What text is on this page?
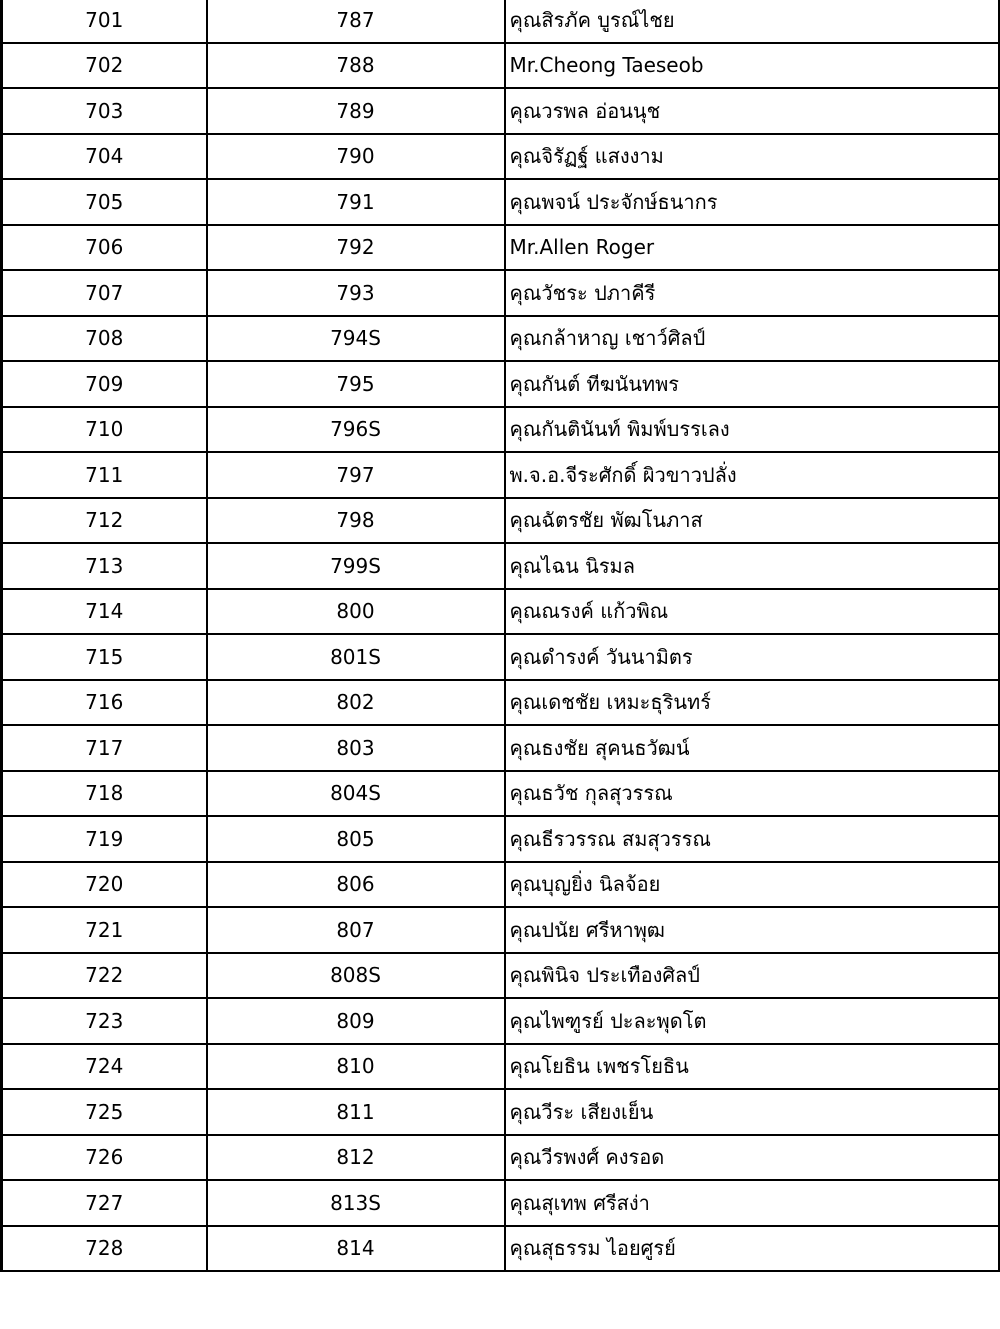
701	787	คุณสิรภัค บูรณ์ไชย
702	788	Mr.Cheong Taeseob
703	789	คุณวรพล อ่อนนุช
704	790	คุณจิรัฏฐ์ แสงงาม
705	791	คุณพจน์ ประจักษ์ธนากร
706	792	Mr.Allen Roger
707	793	คุณวัชระ ปภาคีรี
708	794S	คุณกล้าหาญ เชาว์ศิลป์
709	795	คุณกันต์ ทีฆนันทพร
710	796S	คุณกันตินันท์ พิมพ์บรรเลง
711	797	พ.จ.อ.จีระศักดิ์ ผิวขาวปลั่ง
712	798	คุณฉัตรชัย พัฒโนภาส
713	799S	คุณไฉน นิรมล
714	800	คุณณรงค์ แก้วพิณ
715	801S	คุณดำรงค์ วันนามิตร
716	802	คุณเดชชัย เหมะธุรินทร์
717	803	คุณธงชัย สุคนธวัฒน์
718	804S	คุณธวัช กุลสุวรรณ
719	805	คุณธีรวรรณ สมสุวรรณ
720	806	คุณบุญยิ่ง นิลจ้อย
721	807	คุณปนัย ศรีหาพุฒ
722	808S	คุณพินิจ ประเทืองศิลป์
723	809	คุณไพฑูรย์ ปะละพุดโต
724	810	คุณโยธิน เพชรโยธิน
725	811	คุณวีระ เสียงเย็น
726	812	คุณวีรพงศ์ คงรอด
727	813S	คุณสุเทพ ศรีสง่า
728	814	คุณสุธรรม ไอยศูรย์
